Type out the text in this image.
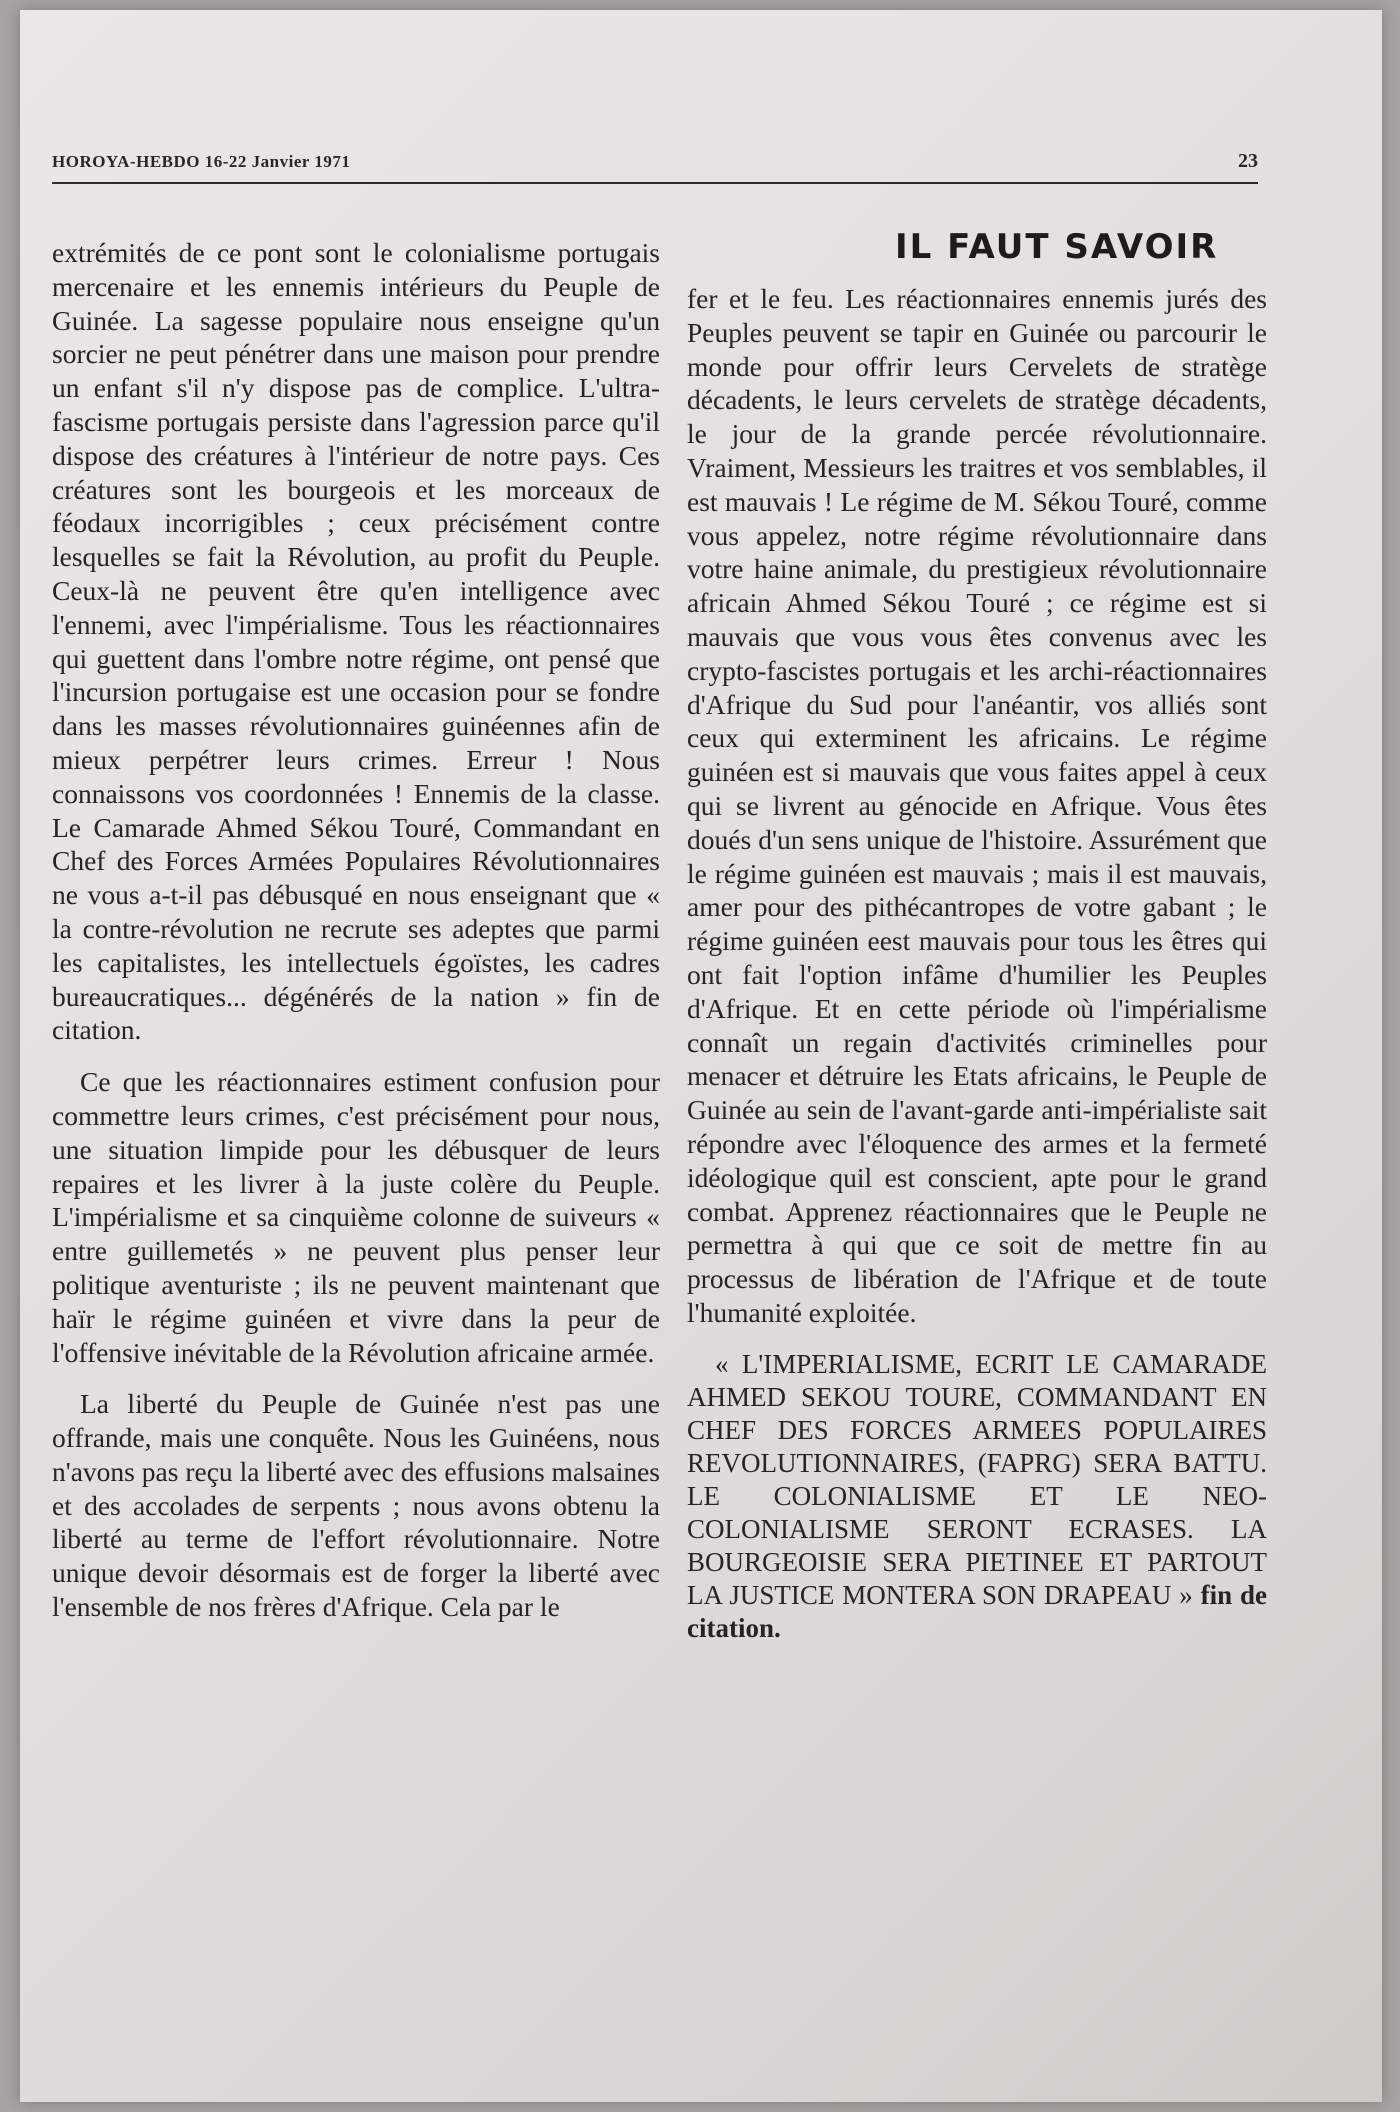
HOROYA-HEBDO 16-22 Janvier 1971	23

extrémités de ce pont sont le colonialisme portugais mercenaire et les ennemis intérieurs du Peuple de Guinée. La sagesse populaire nous enseigne qu'un sorcier ne peut pénétrer dans une maison pour prendre un enfant s'il n'y dispose pas de complice. L'ultra-fascisme portugais persiste dans l'agression parce qu'il dispose des créatures à l'intérieur de notre pays. Ces créatures sont les bourgeois et les morceaux de féodaux incorrigibles ; ceux précisément contre lesquelles se fait la Révolution, au profit du Peuple. Ceux-là ne peuvent être qu'en intelligence avec l'ennemi, avec l'impérialisme. Tous les réactionnaires qui guettent dans l'ombre notre régime, ont pensé que l'incursion portugaise est une occasion pour se fondre dans les masses révolutionnaires guinéennes afin de mieux perpétrer leurs crimes. Erreur ! Nous connaissons vos coordonnées ! Ennemis de la classe. Le Camarade Ahmed Sékou Touré, Commandant en Chef des Forces Armées Populaires Révolutionnaires ne vous a-t-il pas débusqué en nous enseignant que « la contre-révolution ne recrute ses adeptes que parmi les capitalistes, les intellectuels égoïstes, les cadres bureaucratiques... dégénérés de la nation » fin de citation.

Ce que les réactionnaires estiment confusion pour commettre leurs crimes, c'est précisément pour nous, une situation limpide pour les débusquer de leurs repaires et les livrer à la juste colère du Peuple. L'impérialisme et sa cinquième colonne de suiveurs « entre guillemetés » ne peuvent plus penser leur politique aventuriste ; ils ne peuvent maintenant que haïr le régime guinéen et vivre dans la peur de l'offensive inévitable de la Révolution africaine armée.

La liberté du Peuple de Guinée n'est pas une offrande, mais une conquête. Nous les Guinéens, nous n'avons pas reçu la liberté avec des effusions malsaines et des accolades de serpents ; nous avons obtenu la liberté au terme de l'effort révolutionnaire. Notre unique devoir désormais est de forger la liberté avec l'ensemble de nos frères d'Afrique. Cela par le

IL FAUT SAVOIR

fer et le feu. Les réactionnaires ennemis jurés des Peuples peuvent se tapir en Guinée ou parcourir le monde pour offrir leurs Cervelets de stratège décadents, le leurs cervelets de stratège décadents, le jour de la grande percée révolutionnaire. Vraiment, Messieurs les traitres et vos semblables, il est mauvais ! Le régime de M. Sékou Touré, comme vous appelez, notre régime révolutionnaire dans votre haine animale, du prestigieux révolutionnaire africain Ahmed Sékou Touré ; ce régime est si mauvais que vous vous êtes convenus avec les crypto-fascistes portugais et les archi-réactionnaires d'Afrique du Sud pour l'anéantir, vos alliés sont ceux qui exterminent les africains. Le régime guinéen est si mauvais que vous faites appel à ceux qui se livrent au génocide en Afrique. Vous êtes doués d'un sens unique de l'histoire. Assurément que le régime guinéen est mauvais ; mais il est mauvais, amer pour des pithécantropes de votre gabant ; le régime guinéen eest mauvais pour tous les êtres qui ont fait l'option infâme d'humilier les Peuples d'Afrique. Et en cette période où l'impérialisme connaît un regain d'activités criminelles pour menacer et détruire les Etats africains, le Peuple de Guinée au sein de l'avant-garde anti-impérialiste sait répondre avec l'éloquence des armes et la fermeté idéologique quil est conscient, apte pour le grand combat. Apprenez réactionnaires que le Peuple ne permettra à qui que ce soit de mettre fin au processus de libération de l'Afrique et de toute l'humanité exploitée.

« L'IMPERIALISME, ECRIT LE CAMARADE AHMED SEKOU TOURE, COMMANDANT EN CHEF DES FORCES ARMEES POPULAIRES REVOLUTIONNAIRES, (FAPRG) SERA BATTU. LE COLONIALISME ET LE NEO-COLONIALISME SERONT ECRASES. LA BOURGEOISIE SERA PIETINEE ET PARTOUT LA JUSTICE MONTERA SON DRAPEAU » fin de citation.
